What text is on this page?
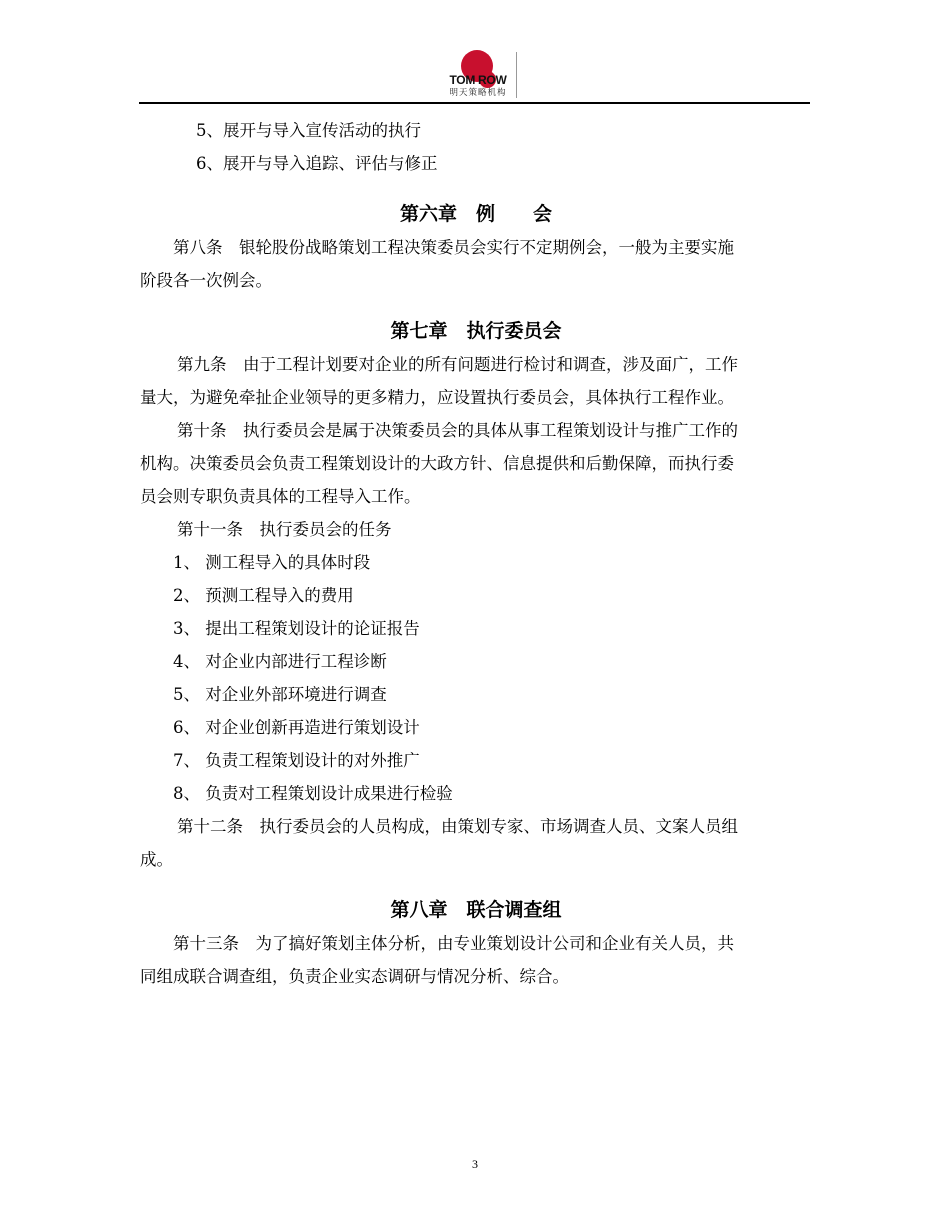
TOM ROW
明天策略机构
5、展开与导入宣传活动的执行
6、展开与导入追踪、评估与修正
第六章　例　　会
第八条　银轮股份战略策划工程决策委员会实行不定期例会，一般为主要实施
阶段各一次例会。
第七章　执行委员会
第九条　由于工程计划要对企业的所有问题进行检讨和调查，涉及面广，工作
量大，为避免牵扯企业领导的更多精力，应设置执行委员会，具体执行工程作业。
第十条　执行委员会是属于决策委员会的具体从事工程策划设计与推广工作的
机构。决策委员会负责工程策划设计的大政方针、信息提供和后勤保障，而执行委
员会则专职负责具体的工程导入工作。
第十一条　执行委员会的任务
1、 测工程导入的具体时段
2、 预测工程导入的费用
3、 提出工程策划设计的论证报告
4、 对企业内部进行工程诊断
5、 对企业外部环境进行调查
6、 对企业创新再造进行策划设计
7、 负责工程策划设计的对外推广
8、 负责对工程策划设计成果进行检验
第十二条　执行委员会的人员构成，由策划专家、市场调查人员、文案人员组
成。
第八章　联合调查组
第十三条　为了搞好策划主体分析，由专业策划设计公司和企业有关人员，共
同组成联合调查组，负责企业实态调研与情况分析、综合。
3
